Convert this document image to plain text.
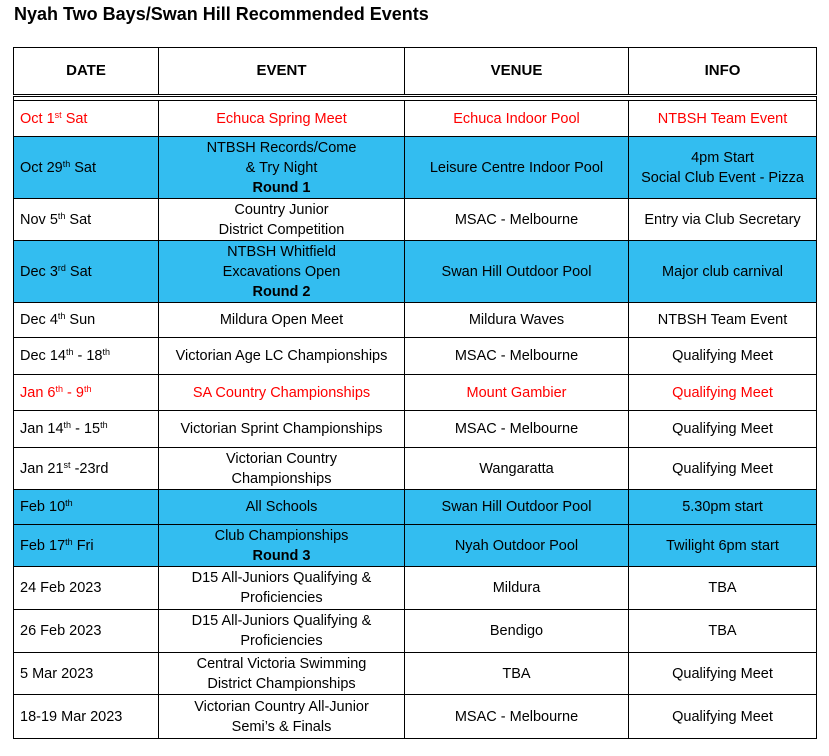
Nyah Two Bays/Swan Hill Recommended Events
DATE	EVENT	VENUE	INFO

Oct 1st Sat	Echuca Spring Meet	Echuca Indoor Pool	NTBSH Team Event

Oct 29th Sat	NTBSH Records/Come
& Try Night
Round 1	Leisure Centre Indoor Pool	4pm Start
Social Club Event - Pizza

Nov 5th Sat	Country Junior
District Competition	MSAC - Melbourne	Entry via Club Secretary

Dec 3rd Sat	NTBSH Whitfield
Excavations Open
Round 2	Swan Hill Outdoor Pool	Major club carnival

Dec 4th Sun	Mildura Open Meet	Mildura Waves	NTBSH Team Event

Dec 14th - 18th	Victorian Age LC Championships	MSAC - Melbourne	Qualifying Meet

Jan 6th - 9th	SA Country Championships	Mount Gambier	Qualifying Meet

Jan 14th - 15th	Victorian Sprint Championships	MSAC - Melbourne	Qualifying Meet

Jan 21st -23rd	Victorian Country
Championships	Wangaratta	Qualifying Meet

Feb 10th	All Schools	Swan Hill Outdoor Pool	5.30pm start

Feb 17th Fri	Club Championships
Round 3	Nyah Outdoor Pool	Twilight 6pm start

24 Feb 2023	D15 All-Juniors Qualifying &
Proficiencies	Mildura	TBA

26 Feb 2023	D15 All-Juniors Qualifying &
Proficiencies	Bendigo	TBA

5 Mar 2023	Central Victoria Swimming
District Championships	TBA	Qualifying Meet

18-19 Mar 2023	Victorian Country All-Junior
Semi’s & Finals	MSAC - Melbourne	Qualifying Meet
